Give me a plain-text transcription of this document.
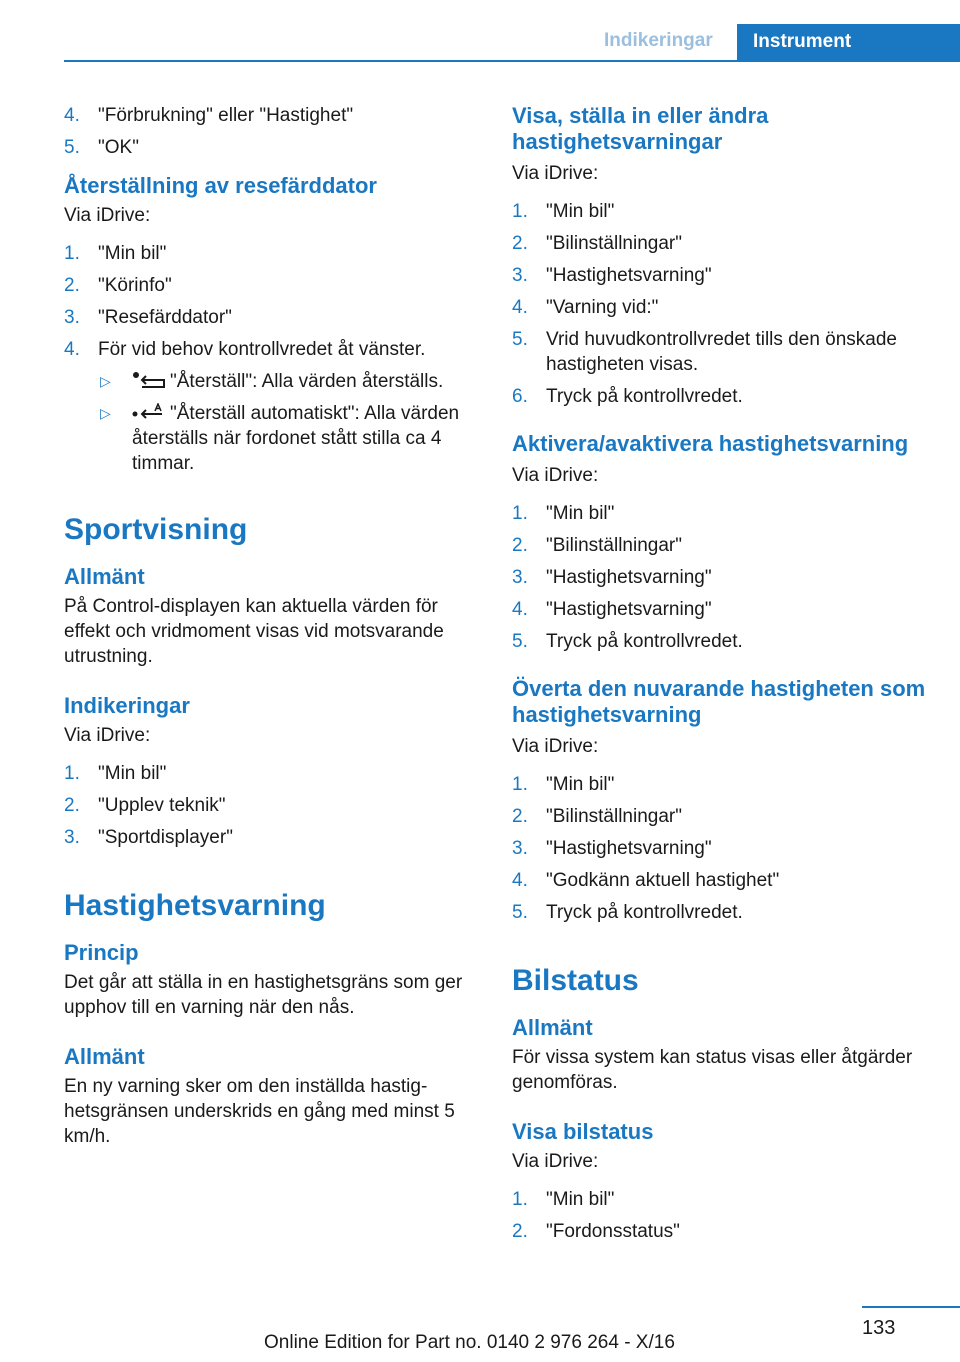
Indikeringar	Instrument
4. "Förbrukning" eller "Hastighet"
5. "OK"
Återställning av resefärddator
Via iDrive:
1. "Min bil"
2. "Körinfo"
3. "Resefärddator"
4. För vid behov kontrollvredet åt vänster.
▷	"Återställ": Alla värden återställs.
▷	"Återställ automatiskt": Alla värden återställs när fordonet stått stilla ca 4 timmar.
Sportvisning
Allmänt
På Control-displayen kan aktuella värden för effekt och vridmoment visas vid motsvarande utrustning.
Indikeringar
Via iDrive:
1. "Min bil"
2. "Upplev teknik"
3. "Sportdisplayer"
Hastighetsvarning
Princip
Det går att ställa in en hastighetsgräns som ger upphov till en varning när den nås.
Allmänt
En ny varning sker om den inställda hastighetsgränsen underskrids en gång med minst 5 km/h.
Visa, ställa in eller ändra hastighetsvarningar
Via iDrive:
1. "Min bil"
2. "Bilinställningar"
3. "Hastighetsvarning"
4. "Varning vid:"
5. Vrid huvudkontrollvredet tills den önskade hastigheten visas.
6. Tryck på kontrollvredet.
Aktivera/avaktivera hastighetsvarning
Via iDrive:
1. "Min bil"
2. "Bilinställningar"
3. "Hastighetsvarning"
4. "Hastighetsvarning"
5. Tryck på kontrollvredet.
Överta den nuvarande hastigheten som hastighetsvarning
Via iDrive:
1. "Min bil"
2. "Bilinställningar"
3. "Hastighetsvarning"
4. "Godkänn aktuell hastighet"
5. Tryck på kontrollvredet.
Bilstatus
Allmänt
För vissa system kan status visas eller åtgärder genomföras.
Visa bilstatus
Via iDrive:
1. "Min bil"
2. "Fordonsstatus"
133
Online Edition for Part no. 0140 2 976 264 - X/16
